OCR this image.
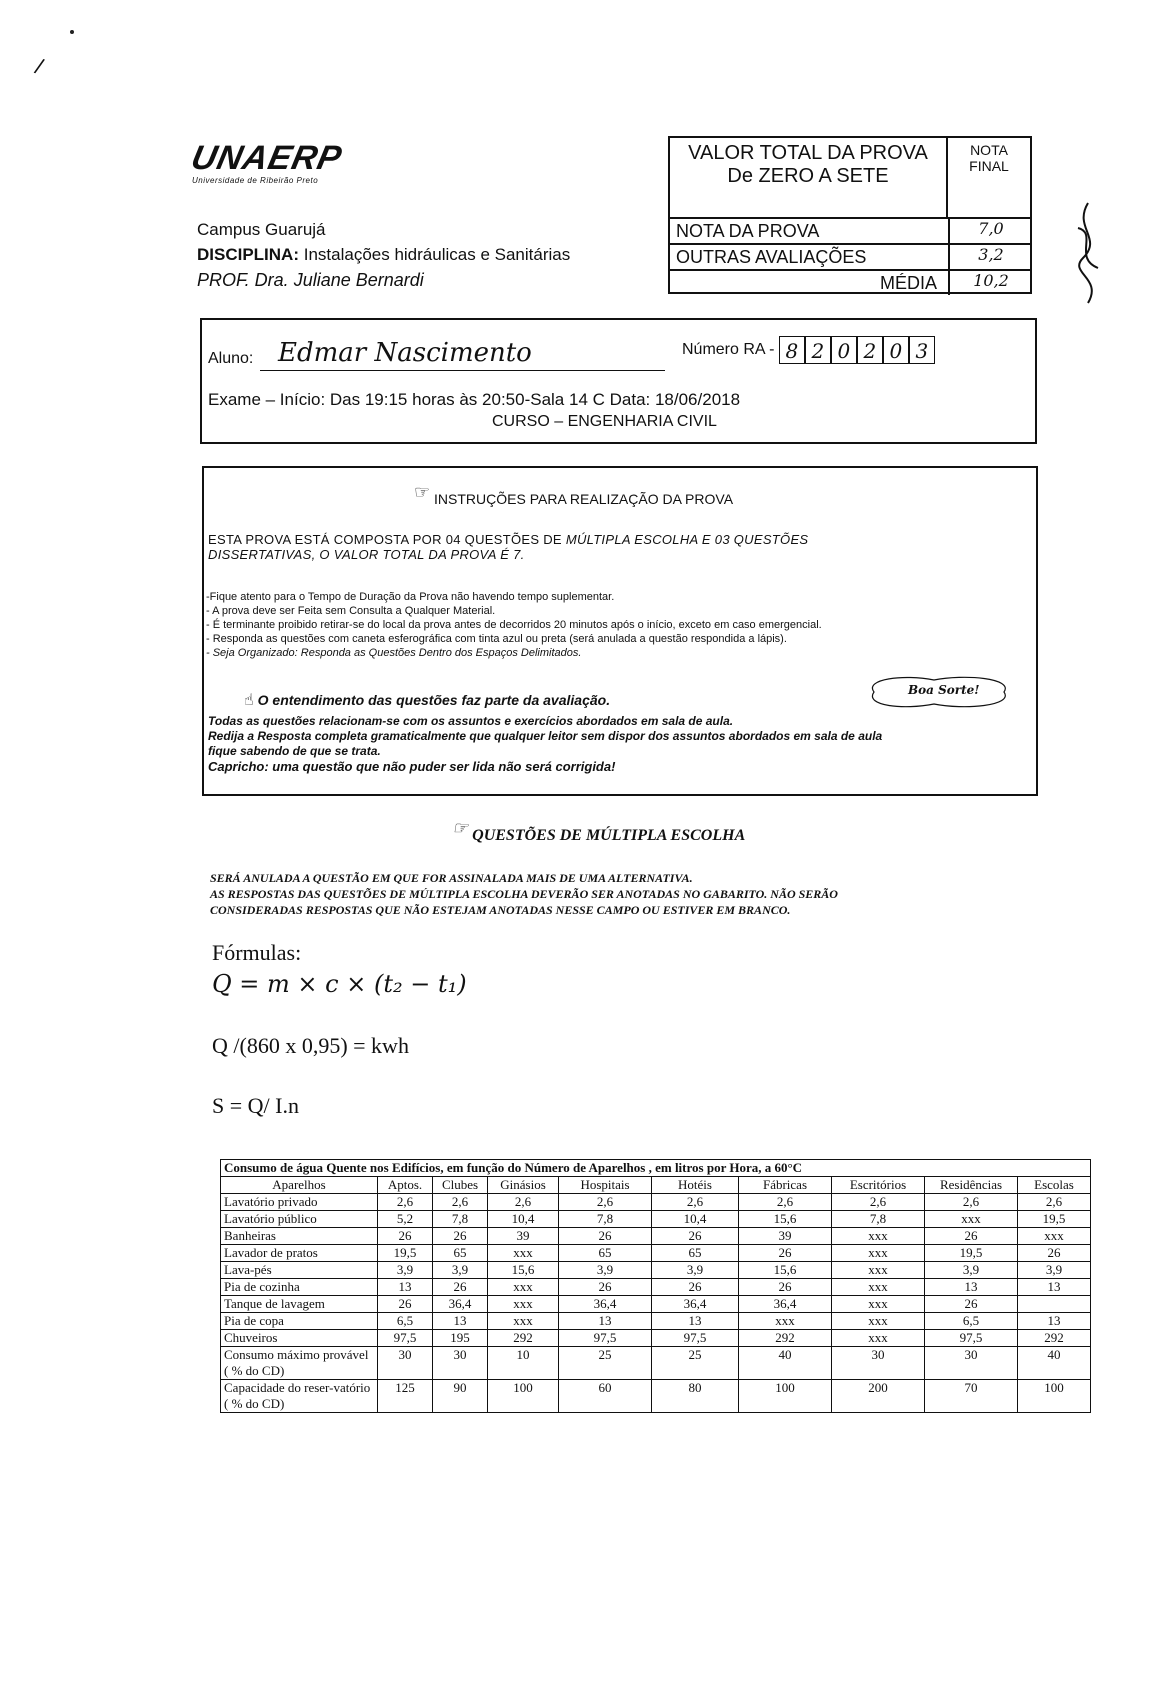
/
UNAERP
Universidade de Ribeirão Preto
Campus Guarujá
DISCIPLINA: Instalações hidráulicas e Sanitárias
PROF. Dra. Juliane Bernardi
VALOR TOTAL DA PROVA
De ZERO A SETE
NOTA
FINAL
NOTA DA PROVA	7,0
OUTRAS AVALIAÇÕES	3,2
MÉDIA	10,2
Aluno: Edmar Nascimento	Número RA - 8 2 0 2 0 3
Exame – Início: Das 19:15 horas às 20:50-Sala 14 C Data: 18/06/2018
CURSO – ENGENHARIA CIVIL
☞ INSTRUÇÕES PARA REALIZAÇÃO DA PROVA
ESTA PROVA ESTÁ COMPOSTA POR 04 QUESTÕES DE MÚLTIPLA ESCOLHA E 03 QUESTÕES
DISSERTATIVAS, O VALOR TOTAL DA PROVA É 7.
-Fique atento para o Tempo de Duração da Prova não havendo tempo suplementar.
- A prova deve ser Feita sem Consulta a Qualquer Material.
- É terminante proibido retirar-se do local da prova antes de decorridos 20 minutos após o início, exceto em caso emergencial.
- Responda as questões com caneta esferográfica com tinta azul ou preta (será anulada a questão respondida a lápis).
- Seja Organizado: Responda as Questões Dentro dos Espaços Delimitados.
☝ O entendimento das questões faz parte da avaliação.
Boa Sorte!
Todas as questões relacionam-se com os assuntos e exercícios abordados em sala de aula.
Redija a Resposta completa gramaticalmente que qualquer leitor sem dispor dos assuntos abordados em sala de aula
fique sabendo de que se trata.
Capricho: uma questão que não puder ser lida não será corrigida!
☞ QUESTÕES DE MÚLTIPLA ESCOLHA
SERÁ ANULADA A QUESTÃO EM QUE FOR ASSINALADA MAIS DE UMA ALTERNATIVA.
AS RESPOSTAS DAS QUESTÕES DE MÚLTIPLA ESCOLHA DEVERÃO SER ANOTADAS NO GABARITO. NÃO SERÃO
CONSIDERADAS RESPOSTAS QUE NÃO ESTEJAM ANOTADAS NESSE CAMPO OU ESTIVER EM BRANCO.
Fórmulas:
Q = m × c × (t₂ − t₁)
Q /(860 x 0,95) = kwh
S = Q/ I.n
Consumo de água Quente nos Edifícios, em função do Número de Aparelhos , em litros por Hora, a 60°C									
Aparelhos	Aptos.	Clubes	Ginásios	Hospitais	Hotéis	Fábricas	Escritórios	Residências	Escolas
Lavatório privado	2,6	2,6	2,6	2,6	2,6	2,6	2,6	2,6	2,6
Lavatório público	5,2	7,8	10,4	7,8	10,4	15,6	7,8	xxx	19,5
Banheiras	26	26	39	26	26	39	xxx	26	xxx
Lavador de pratos	19,5	65	xxx	65	65	26	xxx	19,5	26
Lava-pés	3,9	3,9	15,6	3,9	3,9	15,6	xxx	3,9	3,9
Pia de cozinha	13	26	xxx	26	26	26	xxx	13	13
Tanque de lavagem	26	36,4	xxx	36,4	36,4	36,4	xxx	26	
Pia de copa	6,5	13	xxx	13	13	xxx	xxx	6,5	13
Chuveiros	97,5	195	292	97,5	97,5	292	xxx	97,5	292
Consumo máximo provável ( % do CD)	30	30	10	25	25	40	30	30	40
Capacidade do reser-vatório ( % do CD)	125	90	100	60	80	100	200	70	100
